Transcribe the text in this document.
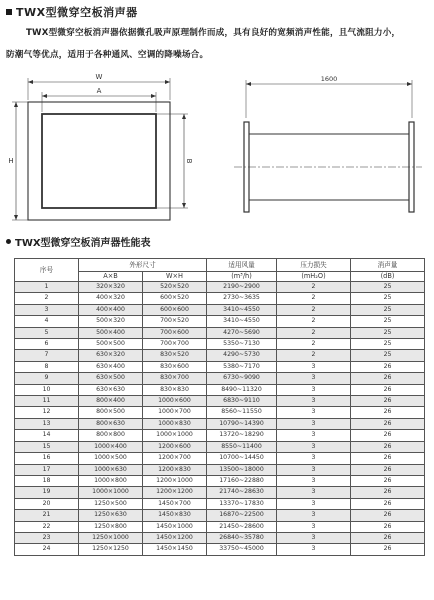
TWX型微穿空板消声器

TWX型微穿空板消声器依据微孔吸声原理制作而成，具有良好的宽频消声性能，且气流阻力小，

防潮气等优点，适用于各种通风、空调的降噪场合。

W
A
H	B
1600
TWX型微穿空板消声器性能表
序号	外形尺寸		适用风量	压力损失	消声量
	A×B	W×H	(m³/h)	(mH₂O)	(dB)
1	320×320	520×520	2190~2900	2	25
2	400×320	600×520	2730~3635	2	25
3	400×400	600×600	3410~4550	2	25
4	500×320	700×520	3410~4550	2	25
5	500×400	700×600	4270~5690	2	25
6	500×500	700×700	5350~7130	2	25
7	630×320	830×520	4290~5730	2	25
8	630×400	830×600	5380~7170	3	26
9	630×500	830×700	6730~9090	3	26
10	630×630	830×830	8490~11320	3	26
11	800×400	1000×600	6830~9110	3	26
12	800×500	1000×700	8560~11550	3	26
13	800×630	1000×830	10790~14390	3	26
14	800×800	1000×1000	13720~18290	3	26
15	1000×400	1200×600	8550~11400	3	26
16	1000×500	1200×700	10700~14450	3	26
17	1000×630	1200×830	13500~18000	3	26
18	1000×800	1200×1000	17160~22880	3	26
19	1000×1000	1200×1200	21740~28630	3	26
20	1250×500	1450×700	13370~17830	3	26
21	1250×630	1450×830	16870~22500	3	26
22	1250×800	1450×1000	21450~28600	3	26
23	1250×1000	1450×1200	26840~35780	3	26
24	1250×1250	1450×1450	33750~45000	3	26
